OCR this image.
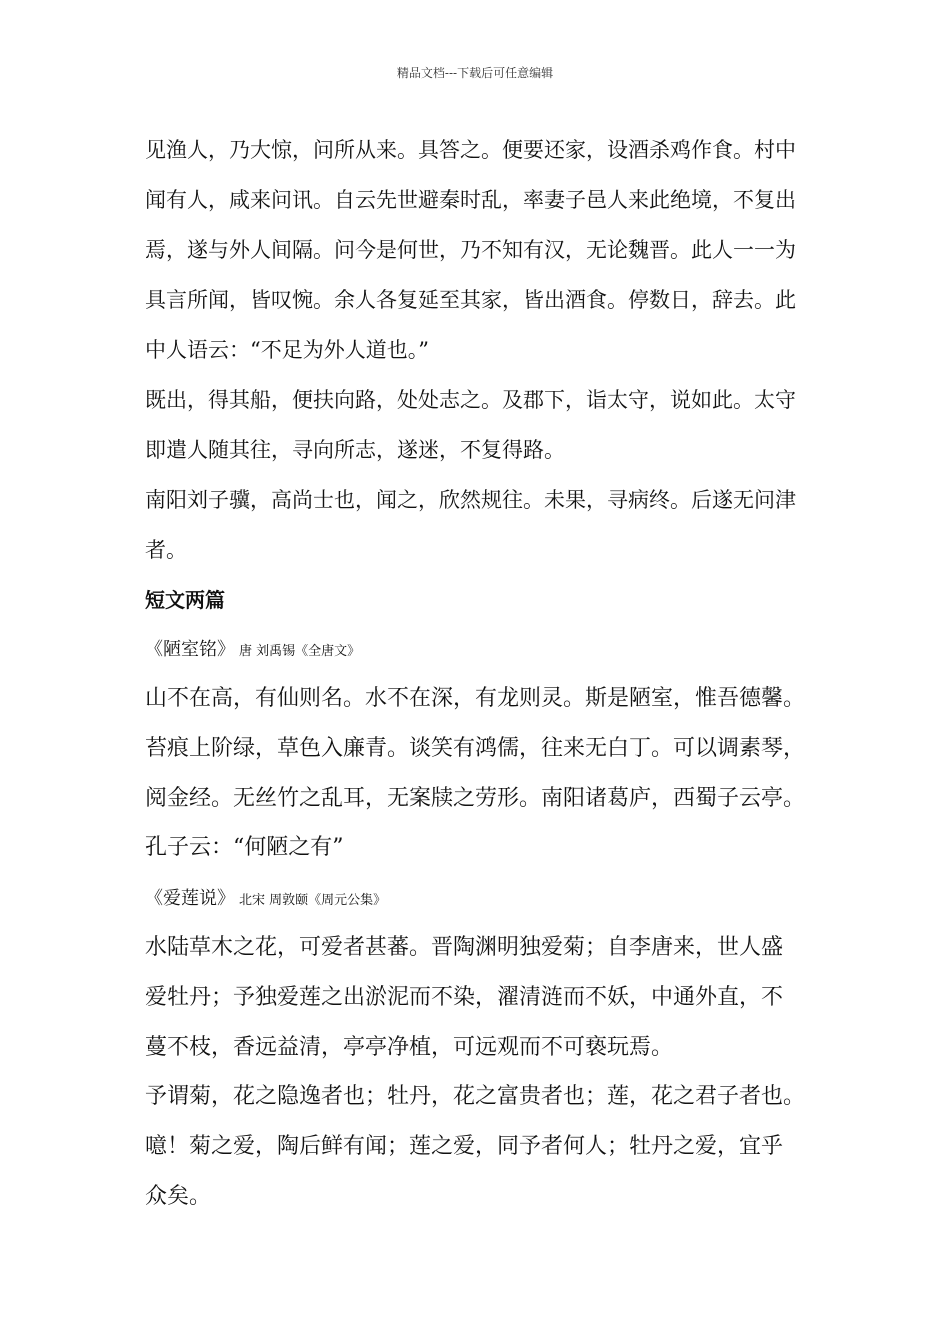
精品文档---下载后可任意编辑
见渔人，乃大惊，问所从来。具答之。便要还家，设酒杀鸡作食。村中
闻有人，咸来问讯。自云先世避秦时乱，率妻子邑人来此绝境，不复出
焉，遂与外人间隔。问今是何世，乃不知有汉，无论魏晋。此人一一为
具言所闻，皆叹惋。余人各复延至其家，皆出酒食。停数日，辞去。此
中人语云：“不足为外人道也。”
既出，得其船，便扶向路，处处志之。及郡下，诣太守，说如此。太守
即遣人随其往，寻向所志，遂迷，不复得路。
南阳刘子骥，高尚士也，闻之，欣然规往。未果，寻病终。后遂无问津
者。
短文两篇
《陋室铭》 唐 刘禹锡《全唐文》
山不在高，有仙则名。水不在深，有龙则灵。斯是陋室，惟吾德馨。
苔痕上阶绿，草色入廉青。谈笑有鸿儒，往来无白丁。可以调素琴，
阅金经。无丝竹之乱耳，无案牍之劳形。南阳诸葛庐，西蜀子云亭。
孔子云：“何陋之有”
《爱莲说》 北宋 周敦颐《周元公集》
水陆草木之花，可爱者甚蕃。晋陶渊明独爱菊；自李唐来，世人盛
爱牡丹；予独爱莲之出淤泥而不染，濯清涟而不妖，中通外直，不
蔓不枝，香远益清，亭亭净植，可远观而不可亵玩焉。
予谓菊，花之隐逸者也；牡丹，花之富贵者也；莲，花之君子者也。
噫！菊之爱，陶后鲜有闻；莲之爱，同予者何人；牡丹之爱，宜乎
众矣。
